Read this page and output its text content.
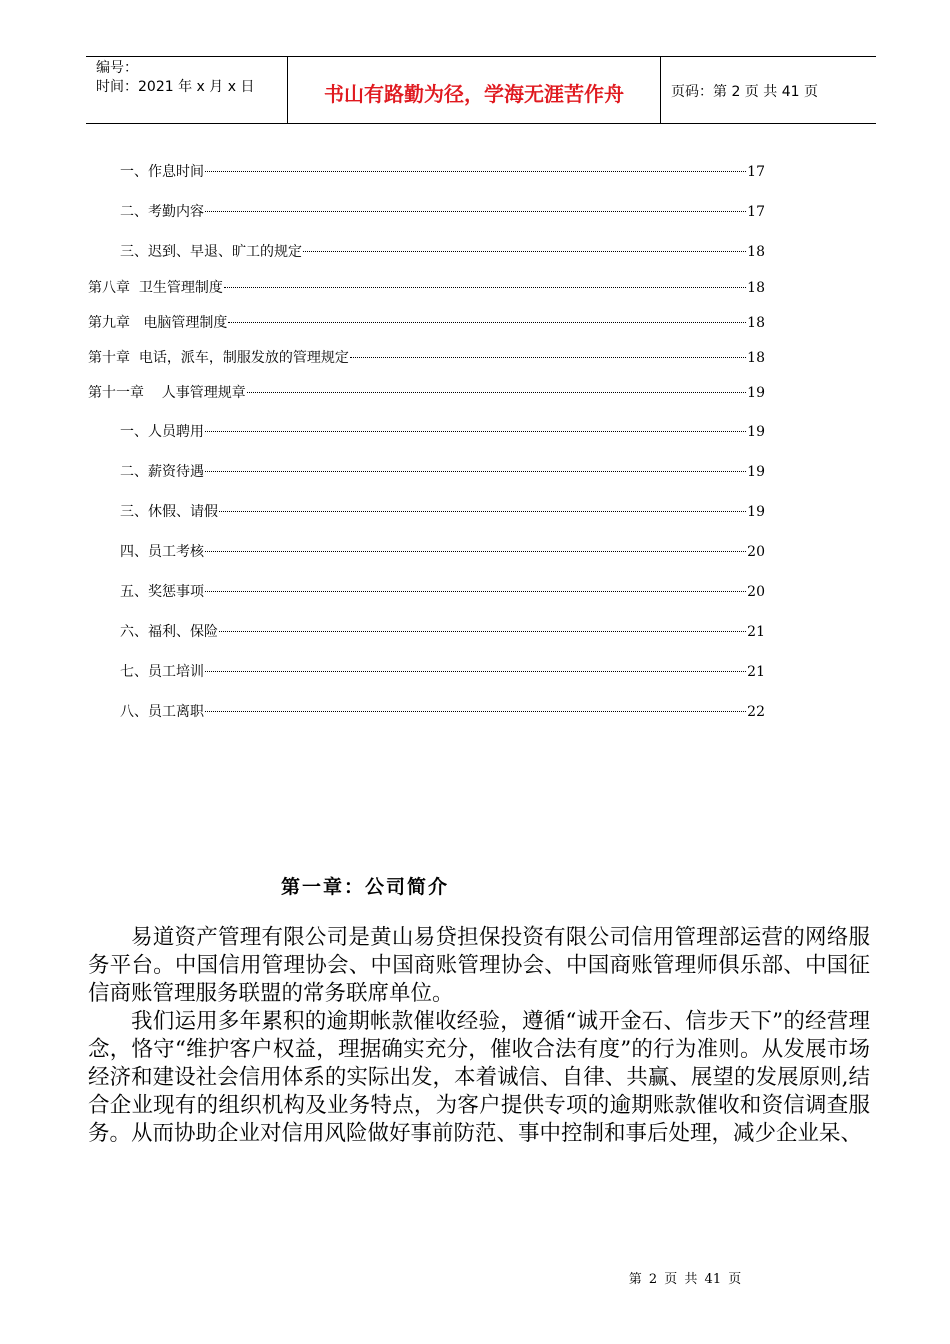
编号：
时间：2021 年 x 月 x 日	书山有路勤为径，学海无涯苦作舟	页码：第 2 页 共 41 页
一、作息时间	17
二、考勤内容	17
三、迟到、早退、旷工的规定	18
第八章  卫生管理制度	18
第九章   电脑管理制度	18
第十章  电话，派车，制服发放的管理规定	18
第十一章    人事管理规章	19
一、人员聘用	19
二、薪资待遇	19
三、休假、请假	19
四、员工考核	20
五、奖惩事项	20
六、福利、保险	21
七、员工培训	21
八、员工离职	22
第一章：公司简介

易道资产管理有限公司是黄山易贷担保投资有限公司信用管理部运营的网络服务平台。中国信用管理协会、中国商账管理协会、中国商账管理师俱乐部、中国征信商账管理服务联盟的常务联席单位。

我们运用多年累积的逾期帐款催收经验，遵循“诚开金石、信步天下”的经营理念，恪守“维护客户权益，理据确实充分，催收合法有度”的行为准则。从发展市场经济和建设社会信用体系的实际出发，本着诚信、自律、共赢、展望的发展原则,结合企业现有的组织机构及业务特点，为客户提供专项的逾期账款催收和资信调查服务。从而协助企业对信用风险做好事前防范、事中控制和事后处理，减少企业呆、

第 2 页 共 41 页
